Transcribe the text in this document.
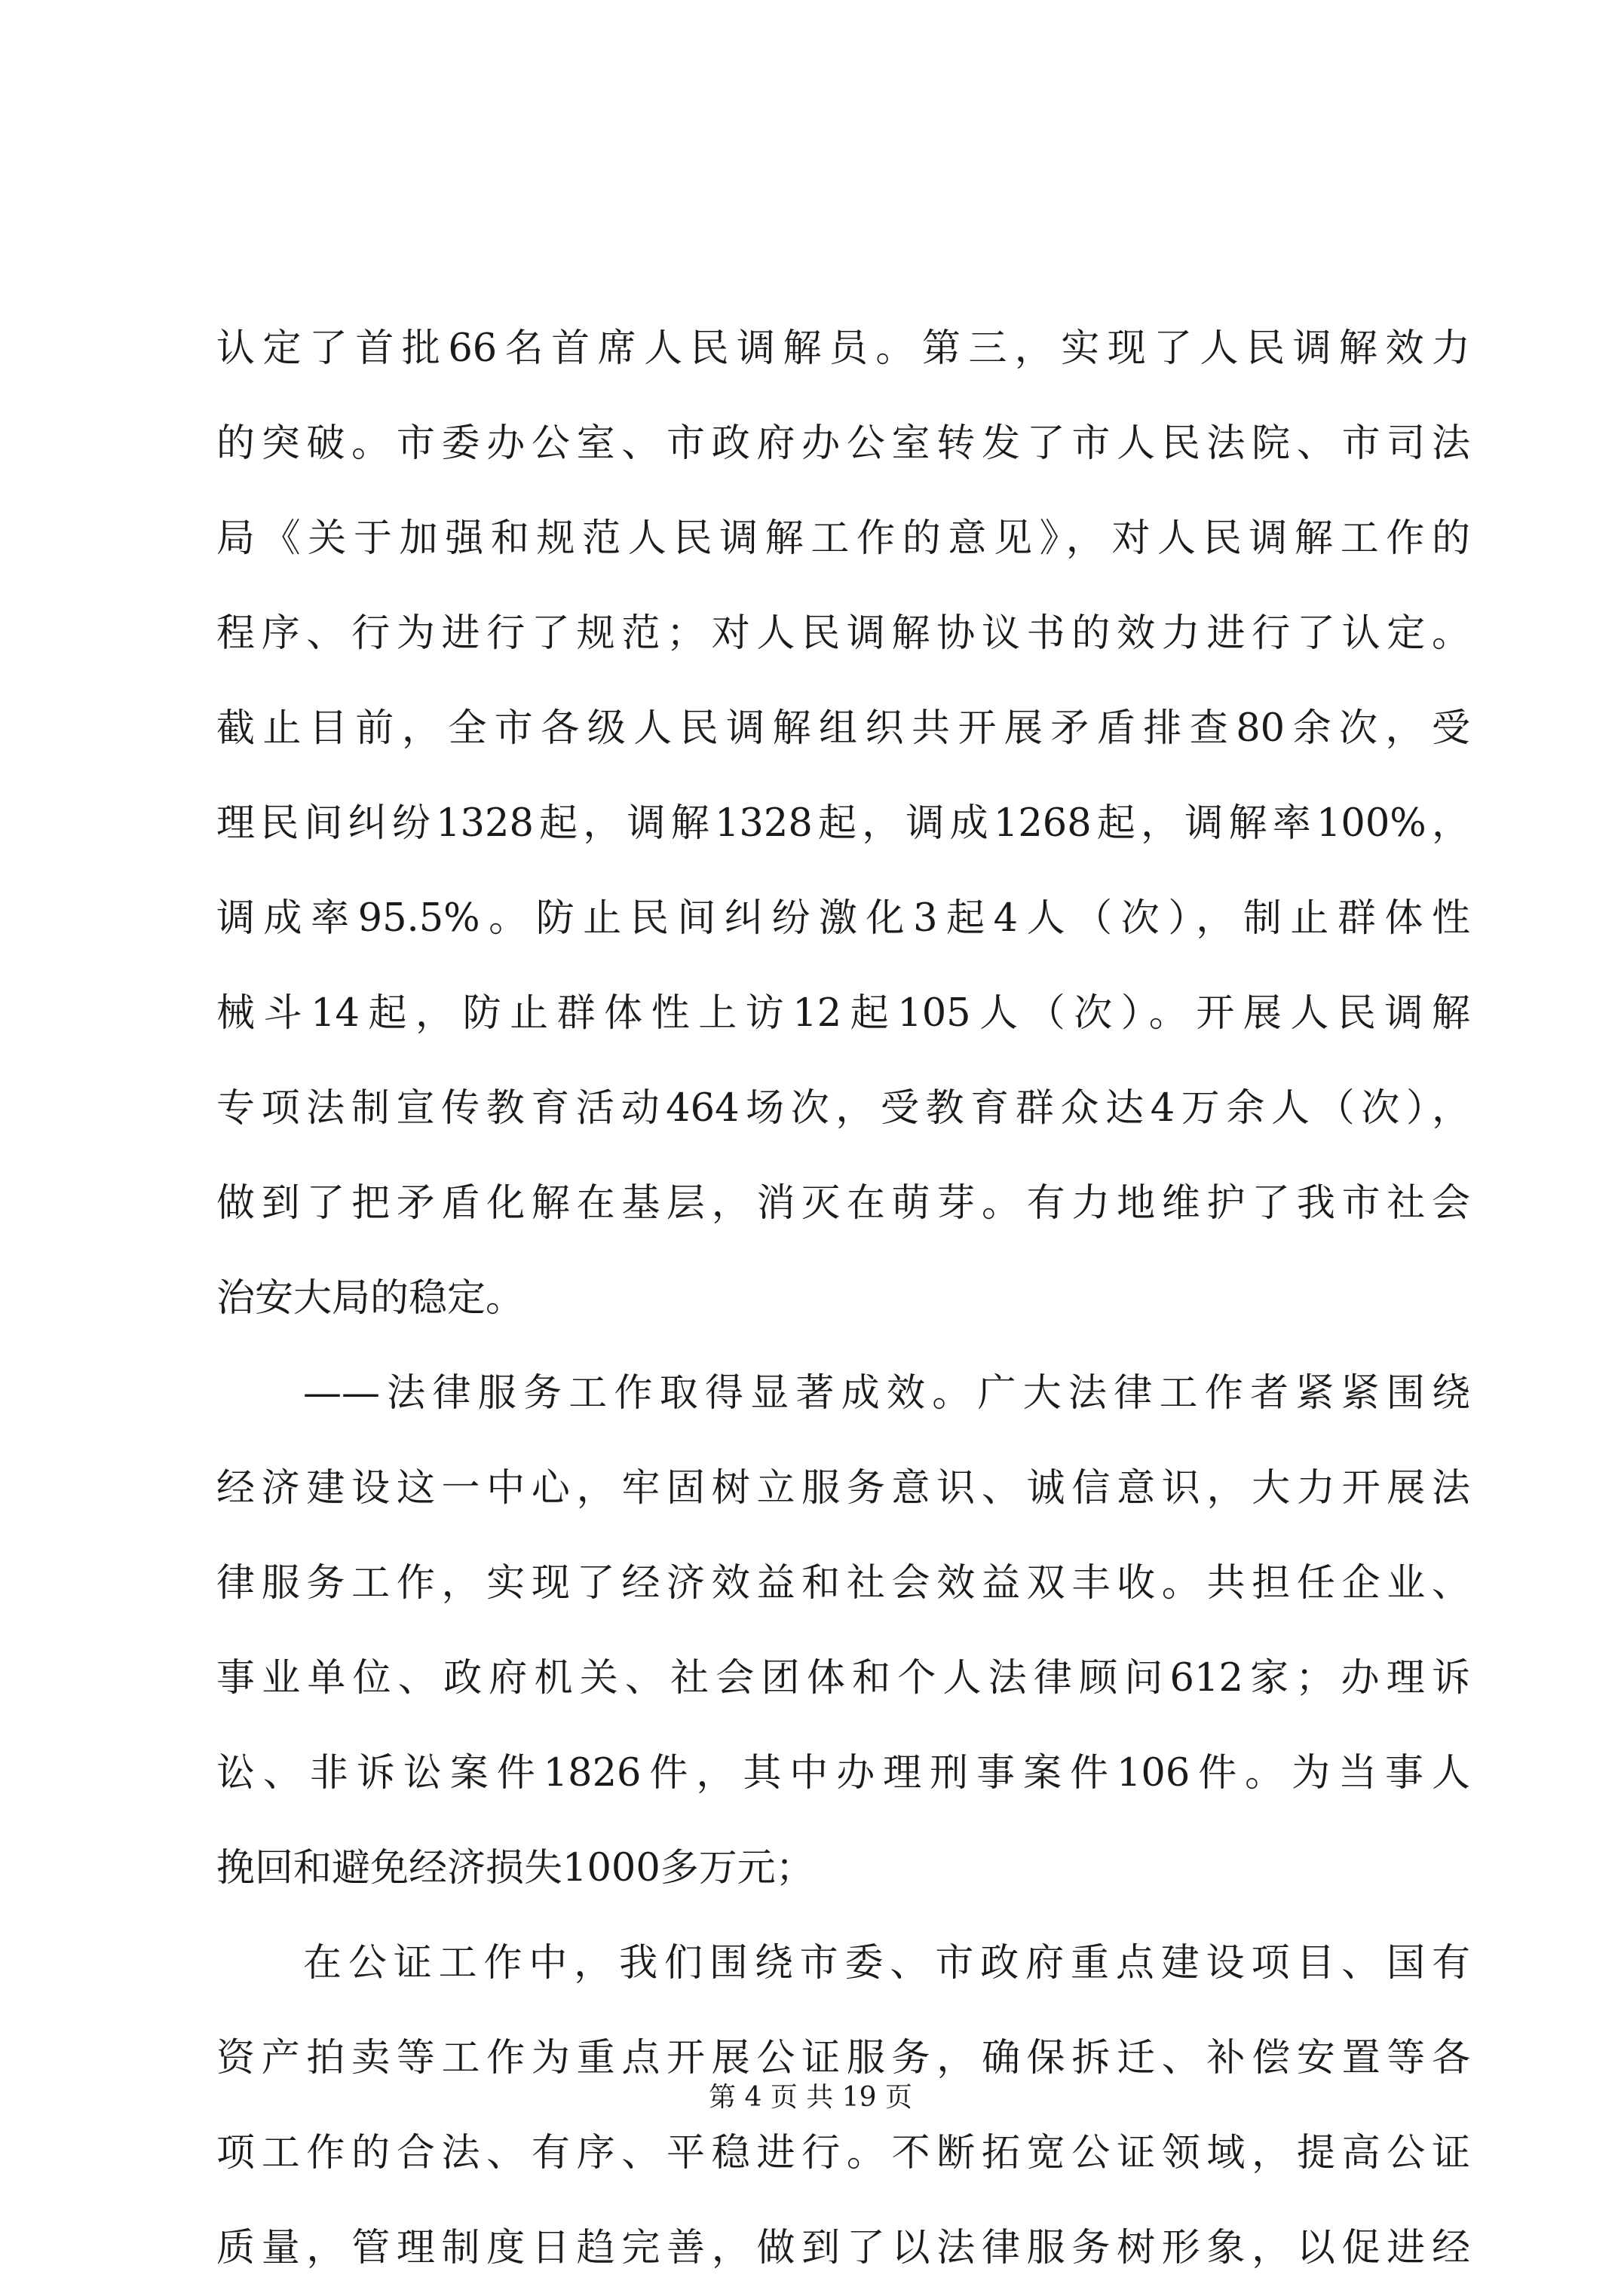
认定了首批66名首席人民调解员。第三，实现了人民调解效力
的突破。市委办公室、市政府办公室转发了市人民法院、市司法
局《关于加强和规范人民调解工作的意见》，对人民调解工作的
程序、行为进行了规范；对人民调解协议书的效力进行了认定。
截止目前，全市各级人民调解组织共开展矛盾排查80余次，受
理民间纠纷1328起，调解1328起，调成1268起，调解率100%，
调成率95.5%。防止民间纠纷激化3起4人（次），制止群体性
械斗14起，防止群体性上访12起105人（次）。开展人民调解
专项法制宣传教育活动464场次，受教育群众达4万余人（次），
做到了把矛盾化解在基层，消灭在萌芽。有力地维护了我市社会
治安大局的稳定。
——法律服务工作取得显著成效。广大法律工作者紧紧围绕
经济建设这一中心，牢固树立服务意识、诚信意识，大力开展法
律服务工作，实现了经济效益和社会效益双丰收。共担任企业、
事业单位、政府机关、社会团体和个人法律顾问612家；办理诉
讼、非诉讼案件1826件，其中办理刑事案件106件。为当事人
挽回和避免经济损失1000多万元；
在公证工作中，我们围绕市委、市政府重点建设项目、国有
资产拍卖等工作为重点开展公证服务，确保拆迁、补偿安置等各
项工作的合法、有序、平稳进行。不断拓宽公证领域，提高公证
质量，管理制度日趋完善，做到了以法律服务树形象，以促进经
第 4 页 共 19 页
